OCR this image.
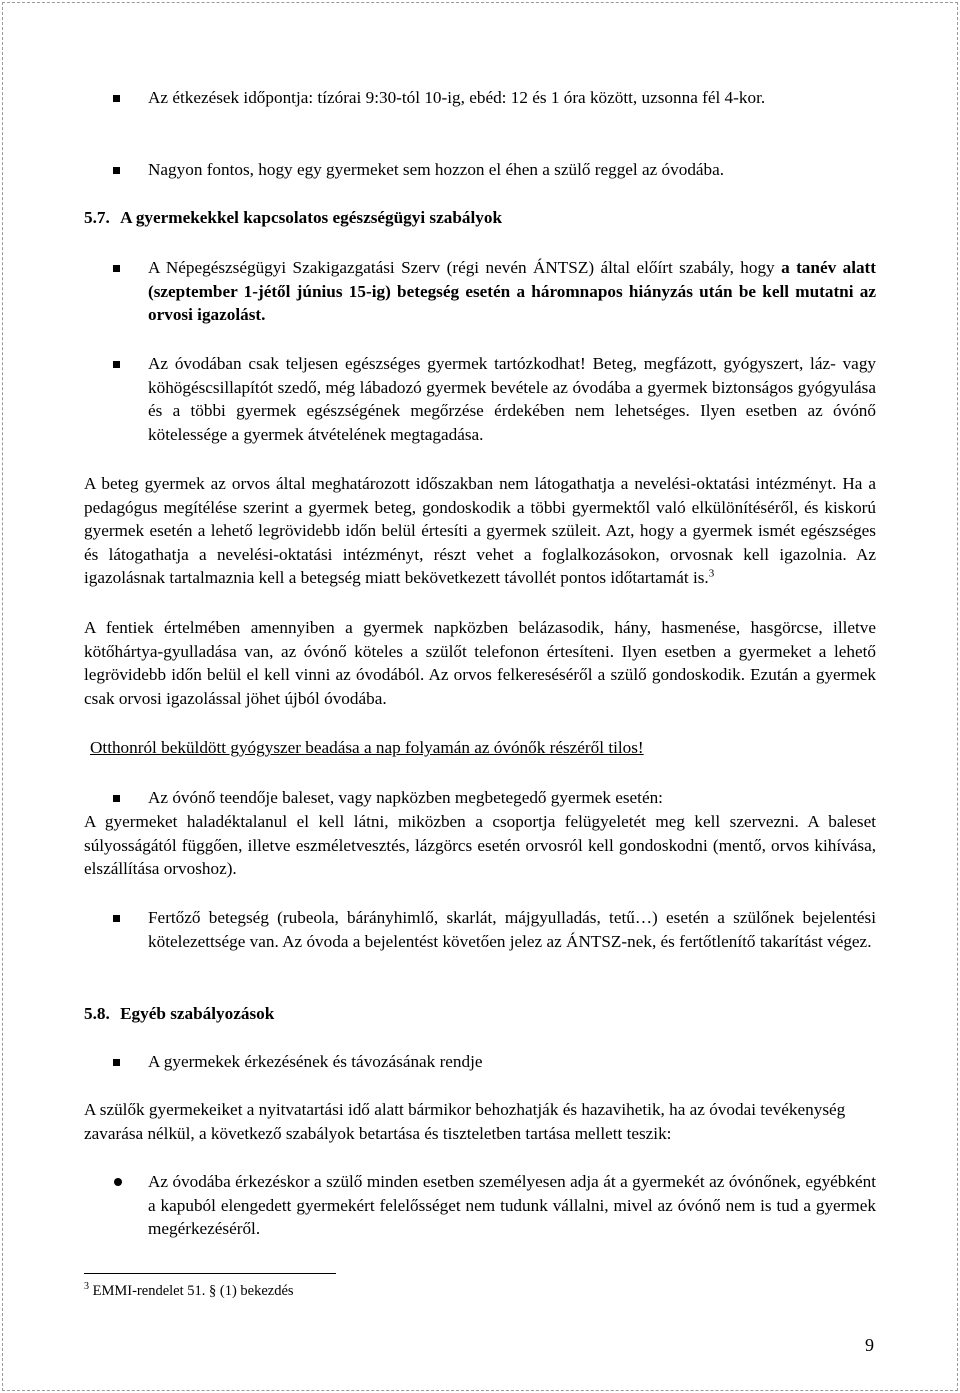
Az étkezések időpontja: tízórai 9:30-tól 10-ig, ebéd: 12 és 1 óra között, uzsonna fél 4-kor.
Nagyon fontos, hogy egy gyermeket sem hozzon el éhen a szülő reggel az óvodába.
5.7. A gyermekekkel kapcsolatos egészségügyi szabályok
A Népegészségügyi Szakigazgatási Szerv (régi nevén ÁNTSZ) által előírt szabály, hogy a tanév alatt (szeptember 1-jétől június 15-ig) betegség esetén a háromnapos hiányzás után be kell mutatni az orvosi igazolást.
Az óvodában csak teljesen egészséges gyermek tartózkodhat! Beteg, megfázott, gyógyszert, láz- vagy köhögéscsillapítót szedő, még lábadozó gyermek bevétele az óvodába a gyermek biztonságos gyógyulása és a többi gyermek egészségének megőrzése érdekében nem lehetséges. Ilyen esetben az óvónő kötelessége a gyermek átvételének megtagadása.

A beteg gyermek az orvos által meghatározott időszakban nem látogathatja a nevelési-oktatási intézményt. Ha a pedagógus megítélése szerint a gyermek beteg, gondoskodik a többi gyermektől való elkülönítéséről, és kiskorú gyermek esetén a lehető legrövidebb időn belül értesíti a gyermek szüleit. Azt, hogy a gyermek ismét egészséges és látogathatja a nevelési-oktatási intézményt, részt vehet a foglalkozásokon, orvosnak kell igazolnia. Az igazolásnak tartalmaznia kell a betegség miatt bekövetkezett távollét pontos időtartamát is.$^3$

A fentiek értelmében amennyiben a gyermek napközben belázasodik, hány, hasmenése, hasgörcse, illetve kötőhártya-gyulladása van, az óvónő köteles a szülőt telefonon értesíteni. Ilyen esetben a gyermeket a lehető legrövidebb időn belül el kell vinni az óvodából. Az orvos felkereséséről a szülő gondoskodik. Ezután a gyermek csak orvosi igazolással jöhet újból óvodába.

Otthonról beküldött gyógyszer beadása a nap folyamán az óvónők részéről tilos!
Az óvónő teendője baleset, vagy napközben megbetegedő gyermek esetén:

A gyermeket haladéktalanul el kell látni, miközben a csoportja felügyeletét meg kell szervezni. A baleset súlyosságától függően, illetve eszméletvesztés, lázgörcs esetén orvosról kell gondoskodni (mentő, orvos kihívása, elszállítása orvoshoz).

Fertőző betegség (rubeola, bárányhimlő, skarlát, májgyulladás, tetű…) esetén a szülőnek bejelentési kötelezettsége van. Az óvoda a bejelentést követően jelez az ÁNTSZ-nek, és fertőtlenítő takarítást végez.
5.8. Egyéb szabályozások
A gyermekek érkezésének és távozásának rendje

A szülők gyermekeiket a nyitvatartási idő alatt bármikor behozhatják és hazavihetik, ha az óvodai tevékenység zavarása nélkül, a következő szabályok betartása és tiszteletben tartása mellett teszik:

Az óvodába érkezéskor a szülő minden esetben személyesen adja át a gyermekét az óvónőnek, egyébként a kapuból elengedett gyermekért felelősséget nem tudunk vállalni, mivel az óvónő nem is tud a gyermek megérkezéséről.
$^3$ EMMI-rendelet 51. § (1) bekezdés
9
